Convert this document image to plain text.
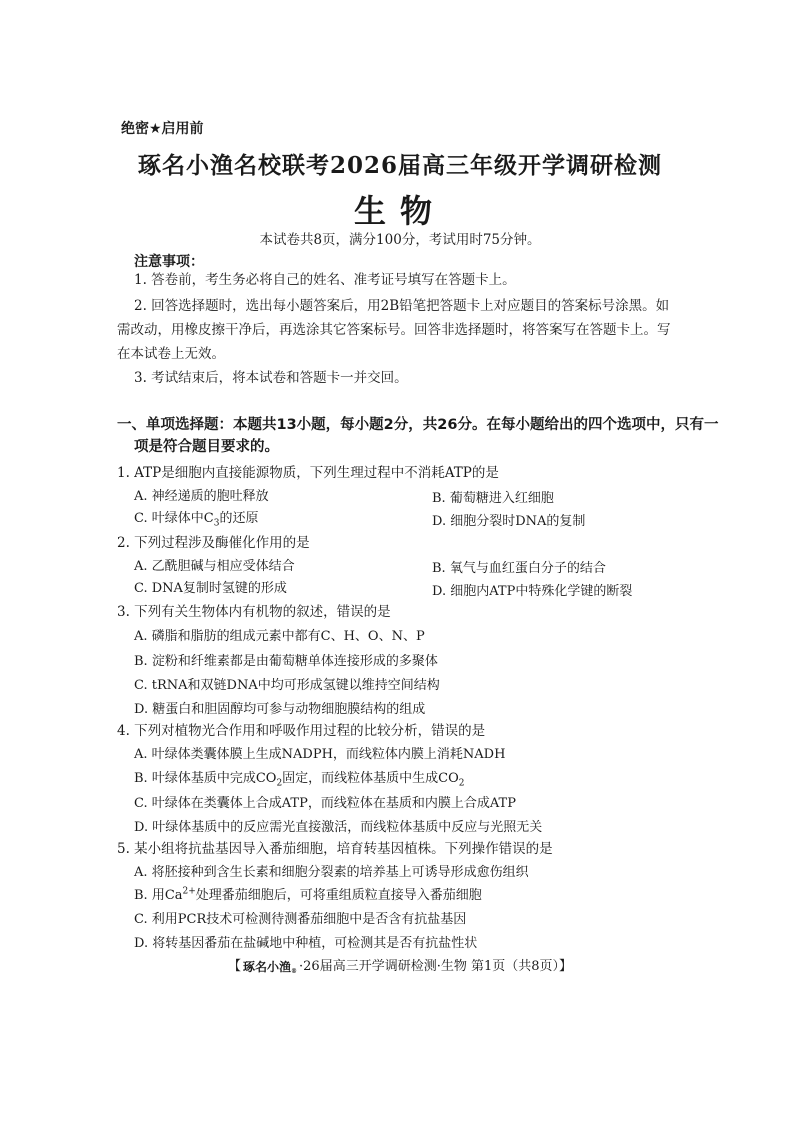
绝密★启用前
琢名小渔名校联考2026届高三年级开学调研检测
生物
本试卷共8页，满分100分，考试用时75分钟。
注意事项：
1. 答卷前，考生务必将自己的姓名、准考证号填写在答题卡上。
2. 回答选择题时，选出每小题答案后，用2B铅笔把答题卡上对应题目的答案标号涂黑。如
需改动，用橡皮擦干净后，再选涂其它答案标号。回答非选择题时，将答案写在答题卡上。写
在本试卷上无效。
3. 考试结束后，将本试卷和答题卡一并交回。
一、单项选择题：本题共13小题，每小题2分，共26分。在每小题给出的四个选项中，只有一
项是符合题目要求的。
1. ATP是细胞内直接能源物质，下列生理过程中不消耗ATP的是
A. 神经递质的胞吐释放	B. 葡萄糖进入红细胞
C. 叶绿体中$C_3$的还原	D. 细胞分裂时DNA的复制
2. 下列过程涉及酶催化作用的是
A. 乙酰胆碱与相应受体结合	B. 氧气与血红蛋白分子的结合
C. DNA复制时氢键的形成	D. 细胞内ATP中特殊化学键的断裂
3. 下列有关生物体内有机物的叙述，错误的是
A. 磷脂和脂肪的组成元素中都有C、H、O、N、P
B. 淀粉和纤维素都是由葡萄糖单体连接形成的多聚体
C. tRNA和双链DNA中均可形成氢键以维持空间结构
D. 糖蛋白和胆固醇均可参与动物细胞膜结构的组成
4. 下列对植物光合作用和呼吸作用过程的比较分析，错误的是
A. 叶绿体类囊体膜上生成NADPH，而线粒体内膜上消耗NADH
B. 叶绿体基质中完成$CO_2$固定，而线粒体基质中生成$CO_2$
C. 叶绿体在类囊体上合成ATP，而线粒体在基质和内膜上合成ATP
D. 叶绿体基质中的反应需光直接激活，而线粒体基质中反应与光照无关
5. 某小组将抗盐基因导入番茄细胞，培育转基因植株。下列操作错误的是
A. 将胚接种到含生长素和细胞分裂素的培养基上可诱导形成愈伤组织
B. 用$Ca^{2+}$处理番茄细胞后，可将重组质粒直接导入番茄细胞
C. 利用PCR技术可检测待测番茄细胞中是否含有抗盐基因
D. 将转基因番茄在盐碱地中种植，可检测其是否有抗盐性状
【 琢名小渔® ·26届高三开学调研检测·生物 第1页（共8页）】
